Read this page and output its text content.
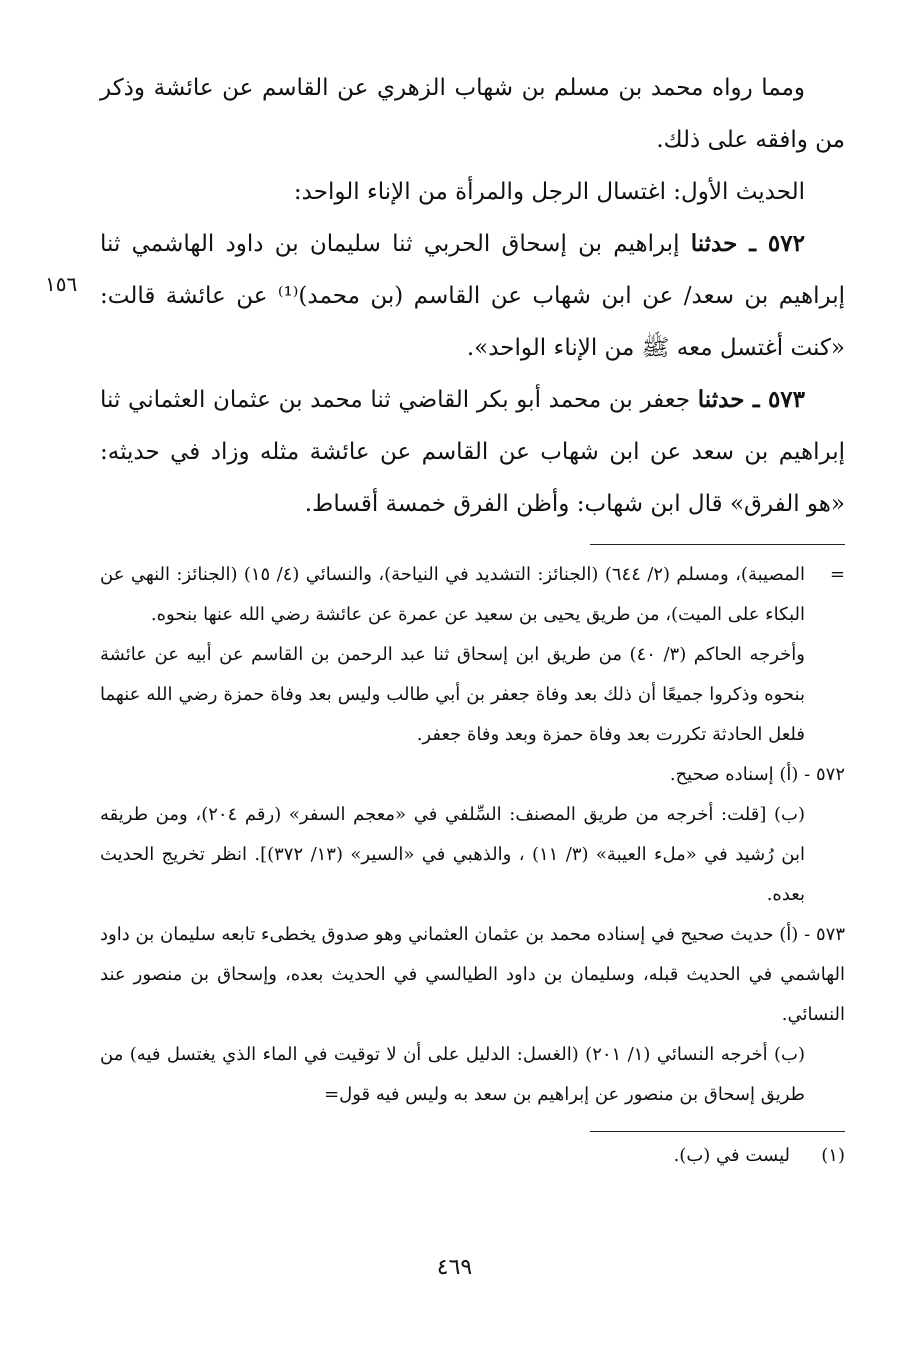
ومما رواه محمد بن مسلم بن شهاب الزهري عن القاسم عن عائشة وذكر من وافقه على ذلك.

الحديث الأول: اغتسال الرجل والمرأة من الإناء الواحد:

٥٧٢ ـ حدثنا إبراهيم بن إسحاق الحربي ثنا سليمان بن داود الهاشمي ثنا إبراهيم بن سعد/ عن ابن شهاب عن القاسم (بن محمد)⁽¹⁾ عن عائشة قالت: «كنت أغتسل معه ﷺ من الإناء الواحد».

١٥٦

٥٧٣ ـ حدثنا جعفر بن محمد أبو بكر القاضي ثنا محمد بن عثمان العثماني ثنا إبراهيم بن سعد عن ابن شهاب عن القاسم عن عائشة مثله وزاد في حديثه: «هو الفرق» قال ابن شهاب: وأظن الفرق خمسة أقساط.

=
المصيبة)، ومسلم (٢/ ٦٤٤) (الجنائز: التشديد في النياحة)، والنسائي (٤/ ١٥) (الجنائز: النهي عن البكاء على الميت)، من طريق يحيى بن سعيد عن عمرة عن عائشة رضي الله عنها بنحوه.

وأخرجه الحاكم (٣/ ٤٠) من طريق ابن إسحاق ثنا عبد الرحمن بن القاسم عن أبيه عن عائشة بنحوه وذكروا جميعًا أن ذلك بعد وفاة جعفر بن أبي طالب وليس بعد وفاة حمزة رضي الله عنهما فلعل الحادثة تكررت بعد وفاة حمزة وبعد وفاة جعفر.

٥٧٢ - (أ) إسناده صحيح.

(ب) [قلت: أخرجه من طريق المصنف: السِّلفي في «معجم السفر» (رقم ٢٠٤)، ومن طريقه ابن رُشيد في «ملء العيبة» (٣/ ١١) ، والذهبي في «السير» (١٣/ ٣٧٢)]. انظر تخريج الحديث بعده.

٥٧٣ - (أ) حديث صحيح في إسناده محمد بن عثمان العثماني وهو صدوق يخطىء تابعه سليمان بن داود الهاشمي في الحديث قبله، وسليمان بن داود الطيالسي في الحديث بعده، وإسحاق بن منصور عند النسائي.

(ب) أخرجه النسائي (١/ ٢٠١) (الغسل: الدليل على أن لا توقيت في الماء الذي يغتسل فيه) من طريق إسحاق بن منصور عن إبراهيم بن سعد به وليس فيه قول=

(١)ليست في (ب).

٤٦٩
